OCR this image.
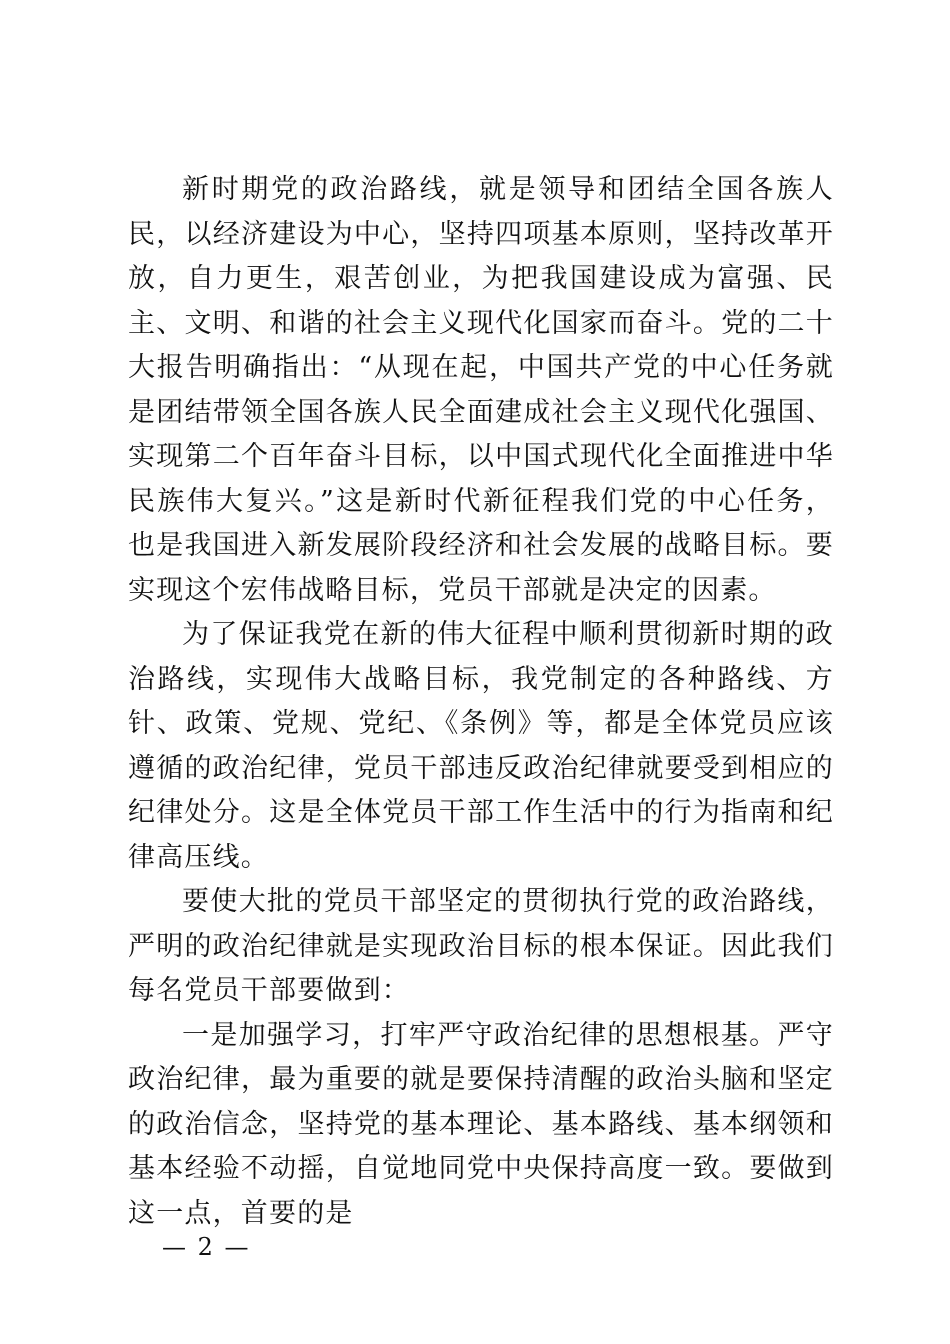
新时期党的政治路线，就是领导和团结全国各族人民，以经济建设为中心，坚持四项基本原则，坚持改革开放，自力更生，艰苦创业，为把我国建设成为富强、民主、文明、和谐的社会主义现代化国家而奋斗。党的二十大报告明确指出：“从现在起，中国共产党的中心任务就是团结带领全国各族人民全面建成社会主义现代化强国、实现第二个百年奋斗目标，以中国式现代化全面推进中华民族伟大复兴。”这是新时代新征程我们党的中心任务，也是我国进入新发展阶段经济和社会发展的战略目标。要实现这个宏伟战略目标，党员干部就是决定的因素。

为了保证我党在新的伟大征程中顺利贯彻新时期的政治路线，实现伟大战略目标，我党制定的各种路线、方针、政策、党规、党纪、《条例》等，都是全体党员应该遵循的政治纪律，党员干部违反政治纪律就要受到相应的纪律处分。这是全体党员干部工作生活中的行为指南和纪律高压线。

要使大批的党员干部坚定的贯彻执行党的政治路线，严明的政治纪律就是实现政治目标的根本保证。因此我们每名党员干部要做到：

一是加强学习，打牢严守政治纪律的思想根基。严守政治纪律，最为重要的就是要保持清醒的政治头脑和坚定的政治信念，坚持党的基本理论、基本路线、基本纲领和基本经验不动摇，自觉地同党中央保持高度一致。要做到这一点，首要的是

— 2 —
